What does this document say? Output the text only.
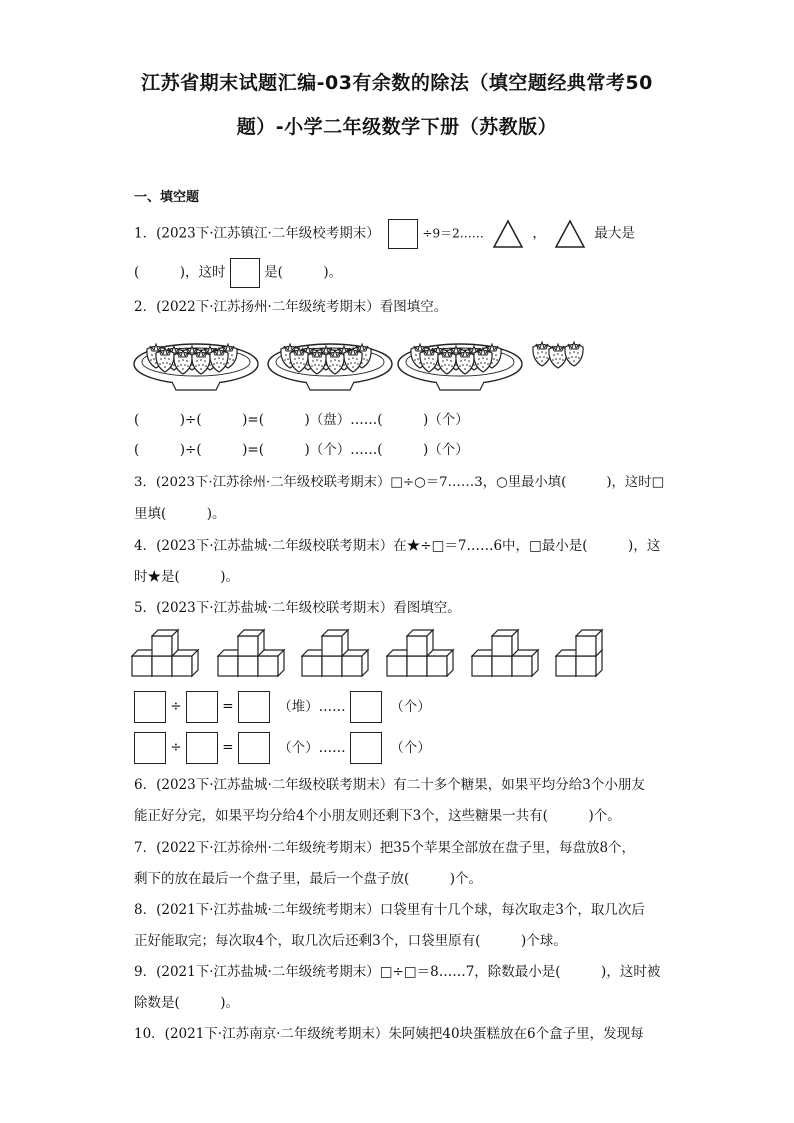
江苏省期末试题汇编-03有余数的除法（填空题经典常考50
题）-小学二年级数学下册（苏教版）
一、填空题
1．(2023下·江苏镇江·二年级校考期末）	÷9＝2……	，	最大是
(　　　)，这时	是(　　　)。
2．(2022下·江苏扬州·二年级统考期末）看图填空。
(　　　)÷(　　　)=(　　　)（盘）……(　　　)（个）
(　　　)÷(　　　)=(　　　)（个）……(　　　)（个）
3．(2023下·江苏徐州·二年级校联考期末）□÷○＝7……3，○里最小填(　　　)，这时□
里填(　　　)。
4．(2023下·江苏盐城·二年级校联考期末）在★÷□＝7……6中，□最小是(　　　)，这
时★是(　　　)。
5．(2023下·江苏盐城·二年级校联考期末）看图填空。
÷	=	（堆）……	（个）
÷	=	（个）……	（个）
6．(2023下·江苏盐城·二年级校联考期末）有二十多个糖果，如果平均分给3个小朋友
能正好分完，如果平均分给4个小朋友则还剩下3个，这些糖果一共有(　　　)个。
7．(2022下·江苏徐州·二年级统考期末）把35个苹果全部放在盘子里，每盘放8个，
剩下的放在最后一个盘子里，最后一个盘子放(　　　)个。
8．(2021下·江苏盐城·二年级统考期末）口袋里有十几个球，每次取走3个，取几次后
正好能取完；每次取4个，取几次后还剩3个，口袋里原有(　　　)个球。
9．(2021下·江苏盐城·二年级统考期末）□÷□＝8……7，除数最小是(　　　)，这时被
除数是(　　　)。
10．(2021下·江苏南京·二年级统考期末）朱阿姨把40块蛋糕放在6个盒子里，发现每
